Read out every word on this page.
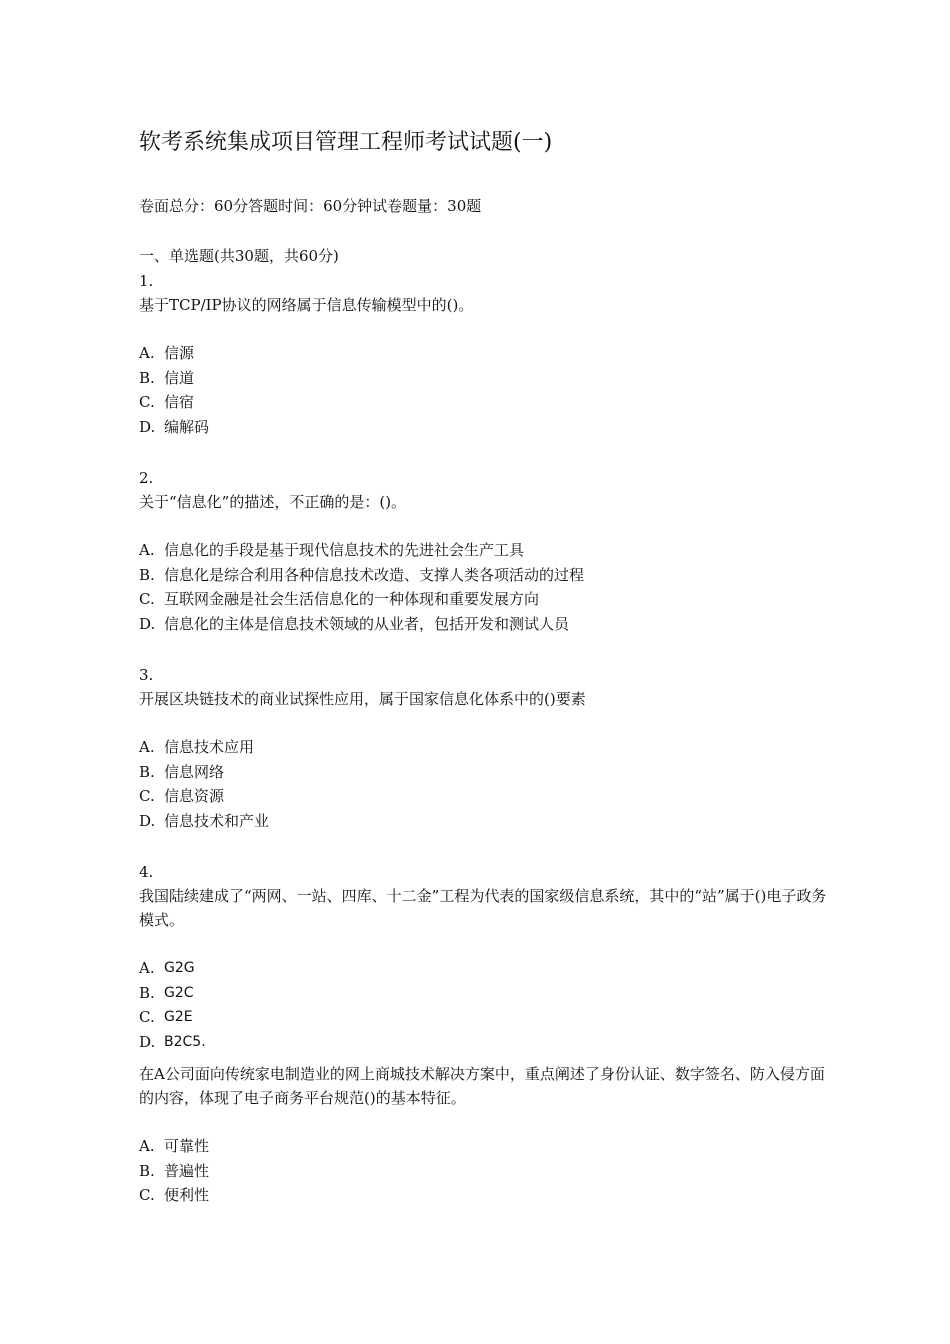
软考系统集成项目管理工程师考试试题(一)
卷面总分：60分答题时间：60分钟试卷题量：30题
一、单选题(共30题，共60分)
1.
基于TCP/IP协议的网络属于信息传输模型中的()。
A. 信源
B. 信道
C. 信宿
D. 编解码
2.
关于“信息化”的描述，不正确的是：()。
A. 信息化的手段是基于现代信息技术的先进社会生产工具
B. 信息化是综合利用各种信息技术改造、支撑人类各项活动的过程
C. 互联网金融是社会生活信息化的一种体现和重要发展方向
D. 信息化的主体是信息技术领域的从业者，包括开发和测试人员
3.
开展区块链技术的商业试探性应用，属于国家信息化体系中的()要素
A. 信息技术应用
B. 信息网络
C. 信息资源
D. 信息技术和产业
4.
我国陆续建成了“两网、一站、四库、十二金”工程为代表的国家级信息系统，其中的“站”属于()电子政务模式。
A. G2G
B. G2C
C. G2E
D. B2C5.
在A公司面向传统家电制造业的网上商城技术解决方案中，重点阐述了身份认证、数字签名、防入侵方面的内容，体现了电子商务平台规范()的基本特征。
A. 可靠性
B. 普遍性
C. 便利性
